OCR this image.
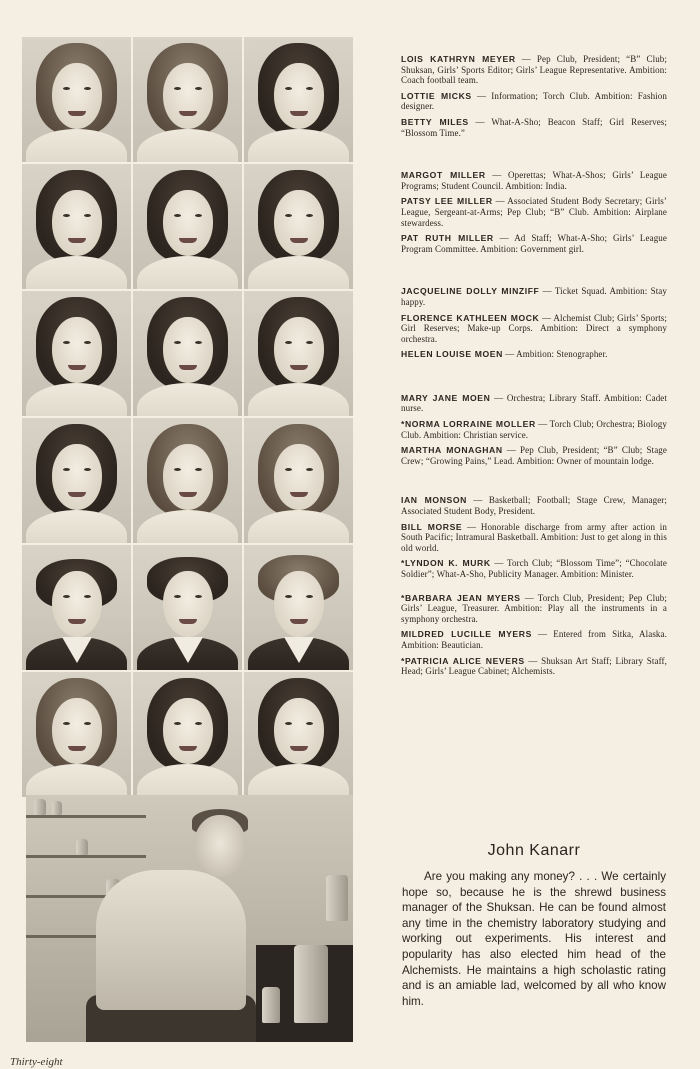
LOIS KATHRYN MEYER — Pep Club, President; “B” Club; Shuksan, Girls’ Sports Editor; Girls’ League Representative. Ambition: Coach football team.

LOTTIE MICKS — Information; Torch Club. Ambition: Fashion designer.

BETTY MILES — What-A-Sho; Beacon Staff; Girl Reserves; “Blossom Time.”

MARGOT MILLER — Operettas; What-A-Shos; Girls’ League Programs; Student Council. Ambition: India.

PATSY LEE MILLER — Associated Student Body Secretary; Girls’ League, Sergeant-at-Arms; Pep Club; “B” Club. Ambition: Airplane stewardess.

PAT RUTH MILLER — Ad Staff; What-A-Sho; Girls’ League Program Committee. Ambition: Government girl.

JACQUELINE DOLLY MINZIFF — Ticket Squad. Ambition: Stay happy.

FLORENCE KATHLEEN MOCK — Alchemist Club; Girls’ Sports; Girl Reserves; Make-up Corps. Ambition: Direct a symphony orchestra.

HELEN LOUISE MOEN — Ambition: Stenographer.

MARY JANE MOEN — Orchestra; Library Staff. Ambition: Cadet nurse.

*NORMA LORRAINE MOLLER — Torch Club; Orchestra; Biology Club. Ambition: Christian service.

MARTHA MONAGHAN — Pep Club, President; “B” Club; Stage Crew; “Growing Pains,” Lead. Ambition: Owner of mountain lodge.

IAN MONSON — Basketball; Football; Stage Crew, Manager; Associated Student Body, President.

BILL MORSE — Honorable discharge from army after action in South Pacific; Intramural Basketball. Ambition: Just to get along in this old world.

*LYNDON K. MURK — Torch Club; “Blossom Time”; “Chocolate Soldier”; What-A-Sho, Publicity Manager. Ambition: Minister.

*BARBARA JEAN MYERS — Torch Club, President; Pep Club; Girls’ League, Treasurer. Ambition: Play all the instruments in a symphony orchestra.

MILDRED LUCILLE MYERS — Entered from Sitka, Alaska. Ambition: Beautician.

*PATRICIA ALICE NEVERS — Shuksan Art Staff; Library Staff, Head; Girls’ League Cabinet; Alchemists.

John Kanarr
Are you making any money? . . . We certainly hope so, because he is the shrewd business manager of the Shuksan. He can be found almost any time in the chemistry laboratory studying and working out experiments. His interest and popularity has also elected him head of the Alchemists. He maintains a high scholastic rating and is an amiable lad, welcomed by all who know him.
Thirty-eight
